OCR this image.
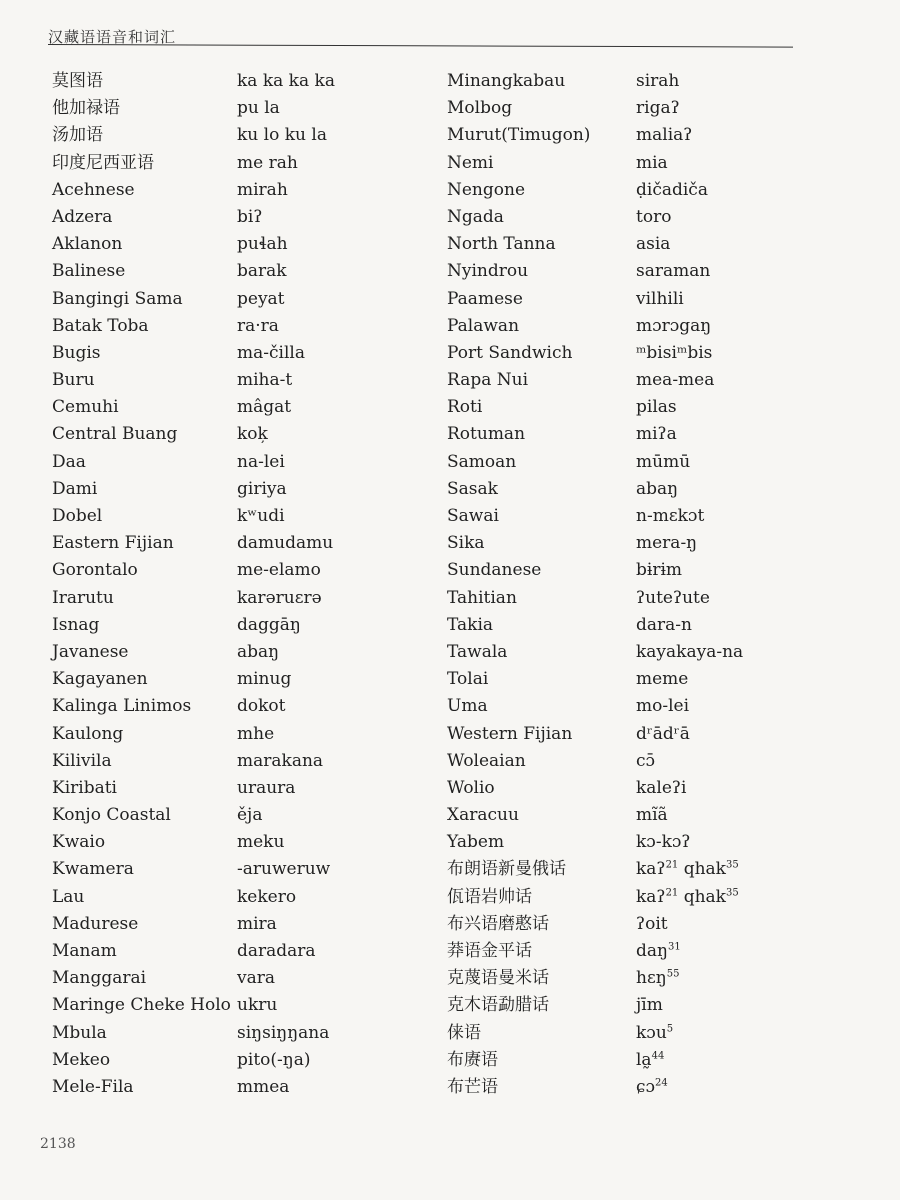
汉藏语语音和词汇
莫图语
他加禄语
汤加语
印度尼西亚语
Acehnese
Adzera
Aklanon
Balinese
Bangingi Sama
Batak Toba
Bugis
Buru
Cemuhi
Central Buang
Daa
Dami
Dobel
Eastern Fijian
Gorontalo
Irarutu
Isnag
Javanese
Kagayanen
Kalinga Linimos
Kaulong
Kilivila
Kiribati
Konjo Coastal
Kwaio
Kwamera
Lau
Madurese
Manam
Manggarai
Maringe Cheke Holo
Mbula
Mekeo
Mele-Fila
ka ka ka ka
pu la
ku lo ku la
me rah
mirah
biʔ
puɬah
barak
peyat
ra·ra
ma-čilla
miha-t
mâgat
kok̦
na-lei
giriya
kʷudi
damudamu
me-elamo
karəruɛrə
daggāŋ
abaŋ
minug
dokot
mhe
marakana
uraura
ěja
meku
-aruweruw
kekero
mira
daradara
vara
ukru
siŋsiŋŋana
pito(-ŋa)
mmea
Minangkabau
Molbog
Murut(Timugon)
Nemi
Nengone
Ngada
North Tanna
Nyindrou
Paamese
Palawan
Port Sandwich
Rapa Nui
Roti
Rotuman
Samoan
Sasak
Sawai
Sika
Sundanese
Tahitian
Takia
Tawala
Tolai
Uma
Western Fijian
Woleaian
Wolio
Xaracuu
Yabem
布朗语新曼俄话
佤语岩帅话
布兴语磨憨话
莽语金平话
克蔑语曼米话
克木语勐腊话
俫语
布赓语
布芒语
sirah
rigaʔ
maliaʔ
mia
ḍičadiča
toro
asia
saraman
vilhili
mɔrɔgaŋ
ᵐbisiᵐbis
mea-mea
pilas
miʔa
mūmū
abaŋ
n-mɛkɔt
mera-ŋ
bɨrɨm
ʔuteʔute
dara-n
kayakaya-na
meme
mo-lei
dʳādʳā
cɔ̄
kaleʔi
mı̃ã
kɔ-kɔʔ
kaʔ$^{21}$ qhak$^{35}$
kaʔ$^{21}$ qhak$^{35}$
ʔoit
daŋ$^{31}$
hɛŋ$^{55}$
jīm
kɔu$^5$
la̰$^{44}$
ɕɔ$^{24}$
2138
